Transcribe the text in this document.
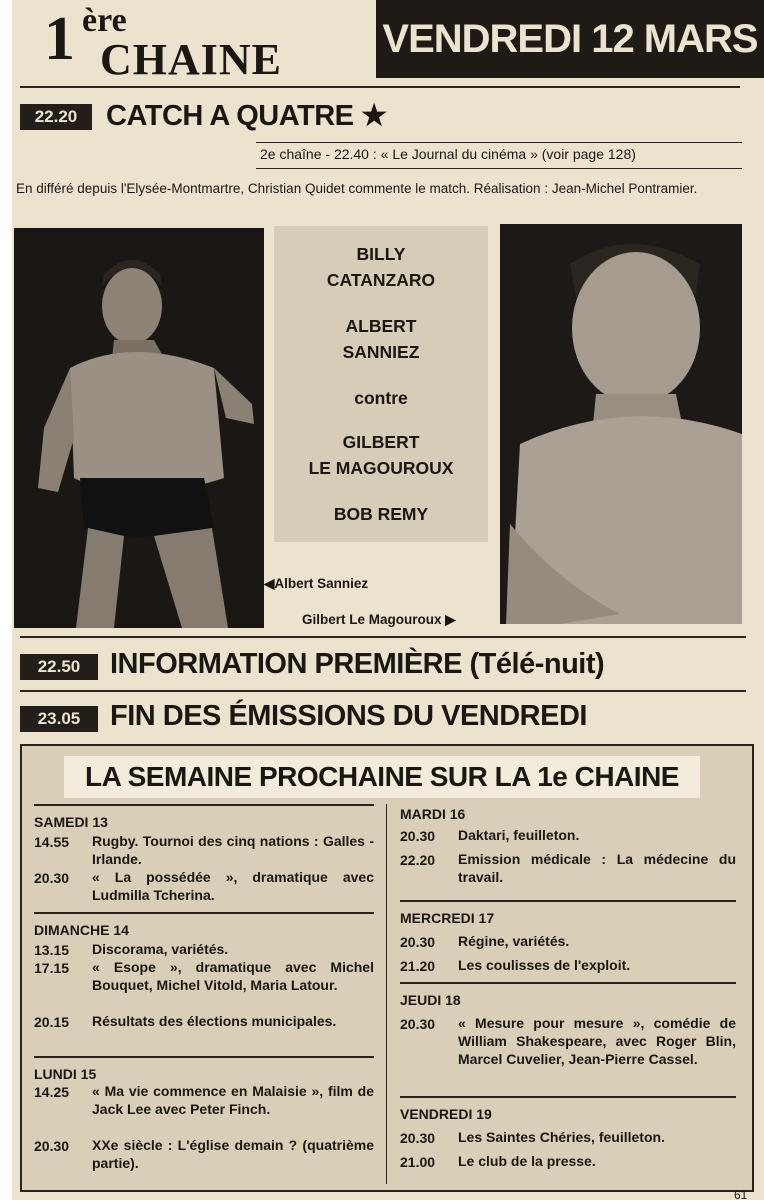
1 ère
CHAINE	VENDREDI 12 MARS
22.20 CATCH A QUATRE ★
2e chaîne - 22.40 : « Le Journal du cinéma » (voir page 128)
En différé depuis l'Elysée-Montmartre, Christian Quidet commente le match. Réalisation : Jean-Michel Pontramier.
BILLY
CATANZARO
ALBERT
SANNIEZ
contre
GILBERT
LE MAGOUROUX
BOB REMY
◀Albert Sanniez
Gilbert Le Magouroux ▶
22.50	INFORMATION PREMIÈRE (Télé-nuit)
23.05	FIN DES ÉMISSIONS DU VENDREDI
LA SEMAINE PROCHAINE SUR LA 1e CHAINE
SAMEDI 13
14.55 Rugby. Tournoi des cinq nations : Galles - Irlande.
20.30 « La possédée », dramatique avec Ludmilla Tcherina.
DIMANCHE 14
13.15 Discorama, variétés.
17.15 « Esope », dramatique avec Michel Bouquet, Michel Vitold, Maria Latour.
20.15 Résultats des élections municipales.
LUNDI 15
14.25 « Ma vie commence en Malaisie », film de Jack Lee avec Peter Finch.
20.30 XXe siècle : L'église demain ? (quatrième partie).
MARDI 16
20.30 Daktari, feuilleton.
22.20 Emission médicale : La médecine du travail.
MERCREDI 17
20.30 Régine, variétés.
21.20 Les coulisses de l'exploit.
JEUDI 18
20.30 « Mesure pour mesure », comédie de William Shakespeare, avec Roger Blin, Marcel Cuvelier, Jean-Pierre Cassel.
VENDREDI 19
20.30 Les Saintes Chéries, feuilleton.
21.00 Le club de la presse.
61
